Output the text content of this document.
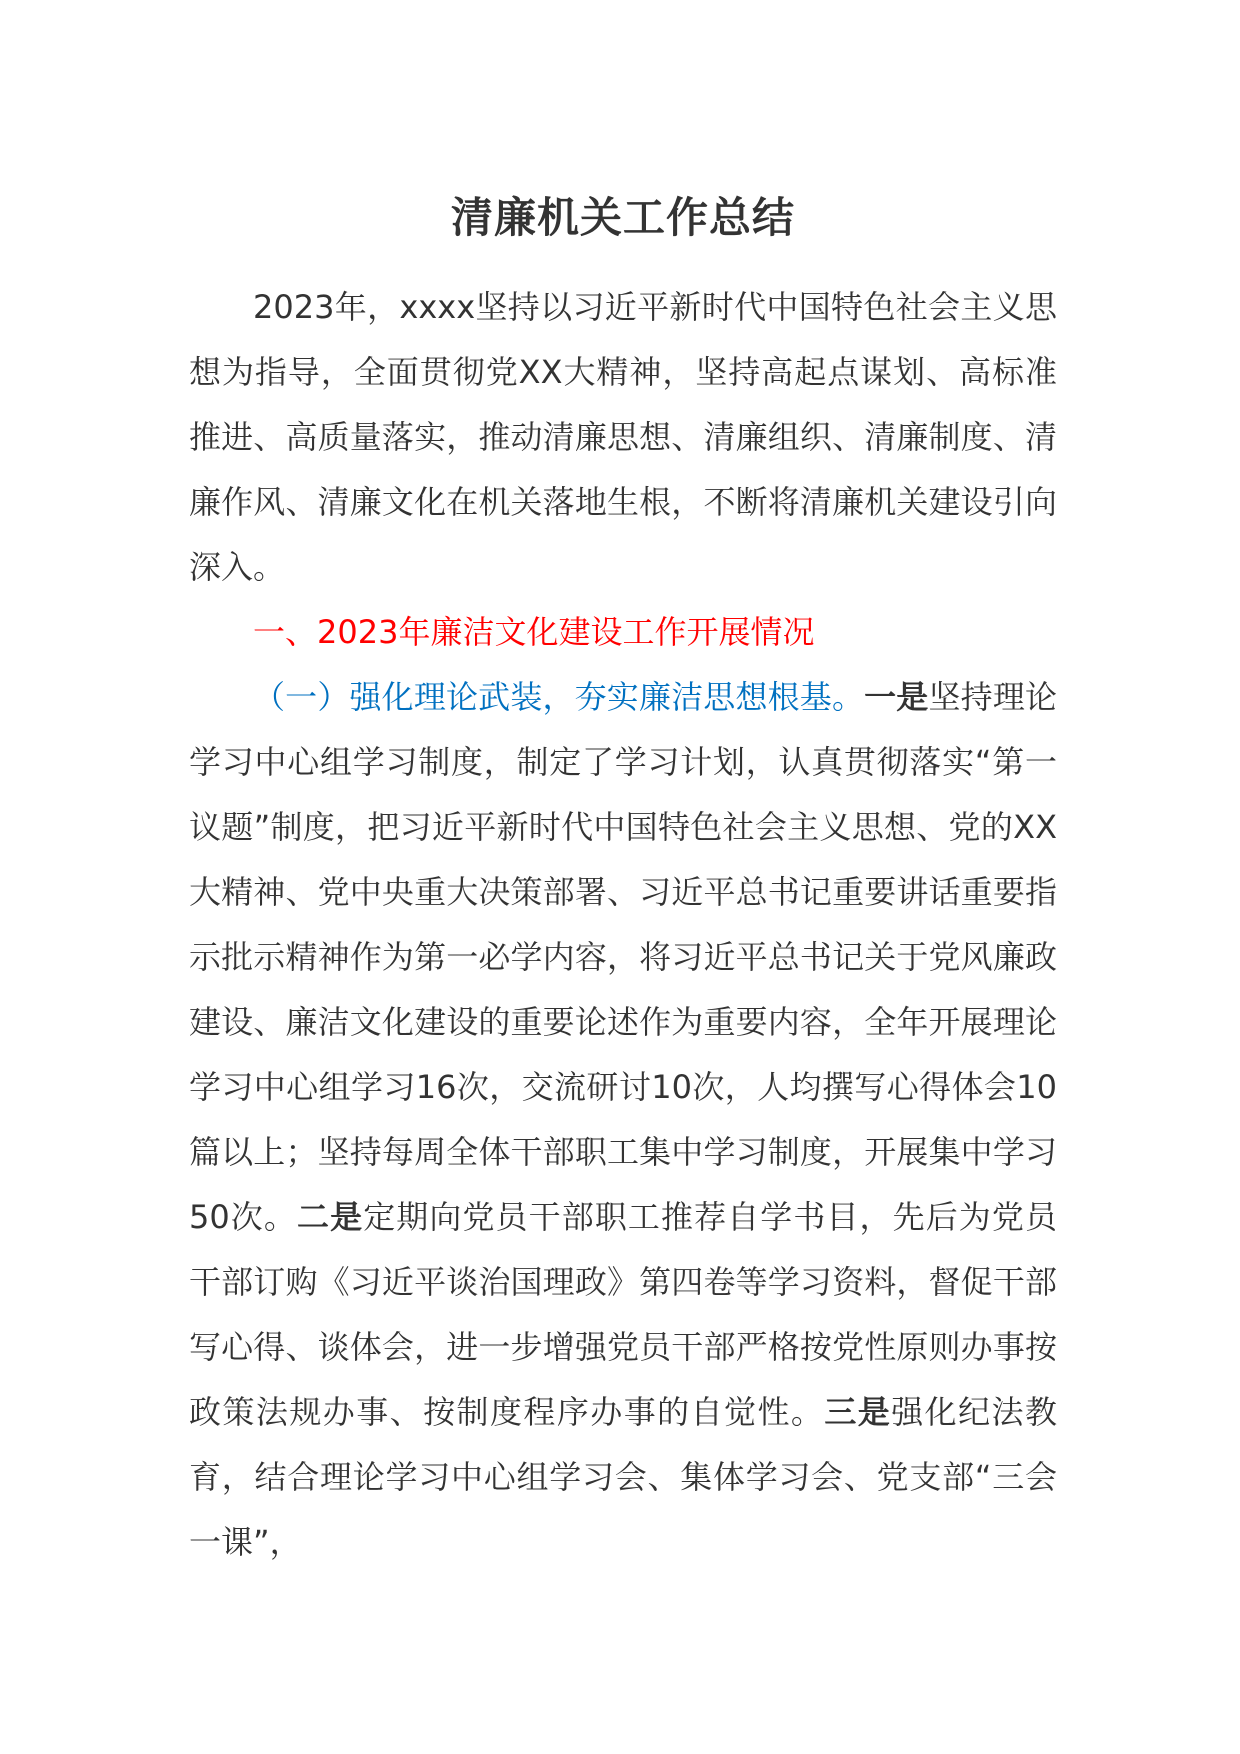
清廉机关工作总结

2023年，xxxx坚持以习近平新时代中国特色社会主义思想为指导，全面贯彻党XX大精神，坚持高起点谋划、高标准推进、高质量落实，推动清廉思想、清廉组织、清廉制度、清廉作风、清廉文化在机关落地生根，不断将清廉机关建设引向深入。

一、2023年廉洁文化建设工作开展情况

（一）强化理论武装，夯实廉洁思想根基。一是坚持理论学习中心组学习制度，制定了学习计划，认真贯彻落实“第一议题”制度，把习近平新时代中国特色社会主义思想、党的XX大精神、党中央重大决策部署、习近平总书记重要讲话重要指示批示精神作为第一必学内容，将习近平总书记关于党风廉政建设、廉洁文化建设的重要论述作为重要内容，全年开展理论学习中心组学习16次，交流研讨10次，人均撰写心得体会10篇以上；坚持每周全体干部职工集中学习制度，开展集中学习50次。二是定期向党员干部职工推荐自学书目，先后为党员干部订购《习近平谈治国理政》第四卷等学习资料，督促干部写心得、谈体会，进一步增强党员干部严格按党性原则办事按政策法规办事、按制度程序办事的自觉性。三是强化纪法教育，结合理论学习中心组学习会、集体学习会、党支部“三会一课”，
